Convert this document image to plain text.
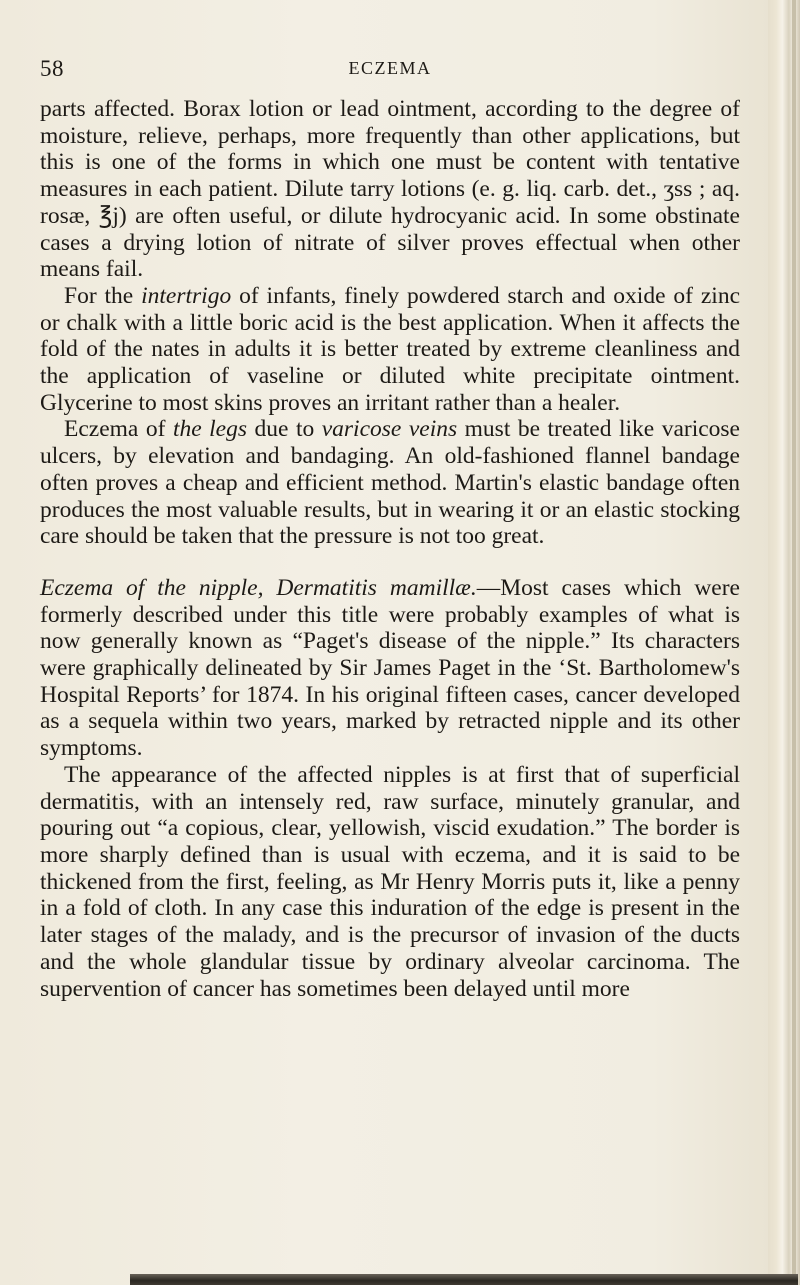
58	ECZEMA

parts affected. Borax lotion or lead ointment, according to the degree of moisture, relieve, perhaps, more frequently than other applications, but this is one of the forms in which one must be content with tentative measures in each patient. Dilute tarry lotions (e. g. liq. carb. det., ʒss ; aq. rosæ, ℥j) are often useful, or dilute hydrocyanic acid. In some obstinate cases a drying lotion of nitrate of silver proves effectual when other means fail.

For the intertrigo of infants, finely powdered starch and oxide of zinc or chalk with a little boric acid is the best application. When it affects the fold of the nates in adults it is better treated by extreme cleanliness and the application of vaseline or diluted white precipitate ointment. Glycerine to most skins proves an irritant rather than a healer.

Eczema of the legs due to varicose veins must be treated like varicose ulcers, by elevation and bandaging. An old-fashioned flannel bandage often proves a cheap and efficient method. Martin's elastic bandage often produces the most valuable results, but in wearing it or an elastic stocking care should be taken that the pressure is not too great.

Eczema of the nipple, Dermatitis mamillæ.—Most cases which were formerly described under this title were probably examples of what is now generally known as “Paget's disease of the nipple.” Its characters were graphically delineated by Sir James Paget in the ‘St. Bartholomew's Hospital Reports’ for 1874. In his original fifteen cases, cancer developed as a sequela within two years, marked by retracted nipple and its other symptoms.

The appearance of the affected nipples is at first that of superficial dermatitis, with an intensely red, raw surface, minutely granular, and pouring out “a copious, clear, yellowish, viscid exudation.” The border is more sharply defined than is usual with eczema, and it is said to be thickened from the first, feeling, as Mr Henry Morris puts it, like a penny in a fold of cloth. In any case this induration of the edge is present in the later stages of the malady, and is the precursor of invasion of the ducts and the whole glandular tissue by ordinary alveolar carcinoma. The supervention of cancer has sometimes been delayed until more
